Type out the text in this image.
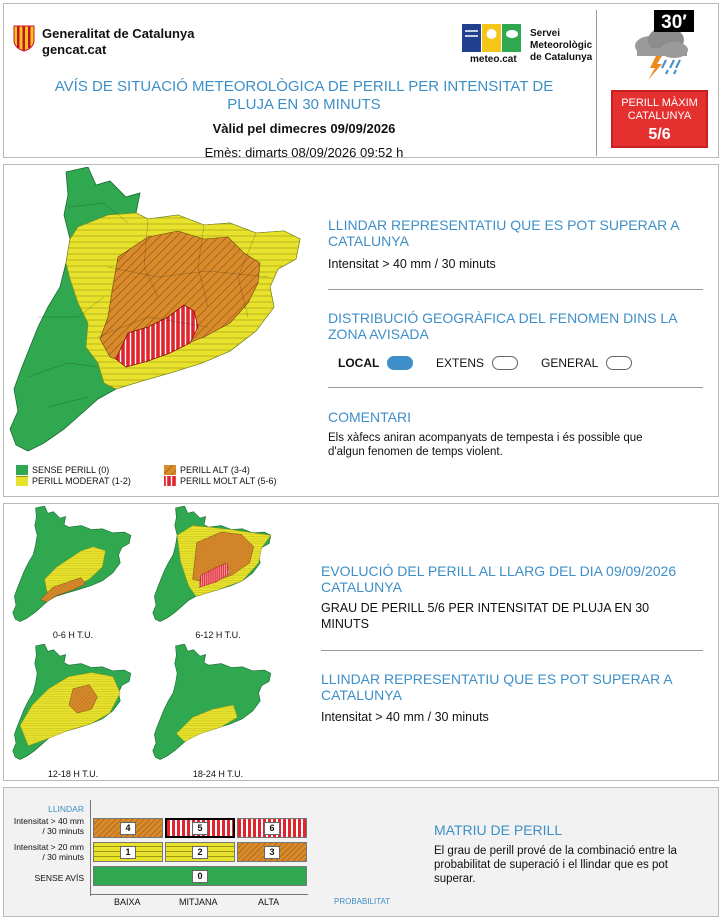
Generalitat de Catalunya
gencat.cat
meteo.cat
Servei
Meteorològic
de Catalunya
AVÍS DE SITUACIÓ METEOROLÒGICA DE PERILL PER INTENSITAT DE PLUJA EN 30 MINUTS
Vàlid pel dimecres 09/09/2026
Emès: dimarts 08/09/2026 09:52 h
30′
PERILL MÀXIM CATALUNYA
5/6
SENSE PERILL (0)
PERILL MODERAT (1-2)
PERILL ALT (3-4)
PERILL MOLT ALT (5-6)
LLINDAR REPRESENTATIU QUE ES POT SUPERAR A CATALUNYA
Intensitat > 40 mm / 30 minuts
DISTRIBUCIÓ GEOGRÀFICA DEL FENOMEN DINS LA ZONA AVISADA
LOCAL	EXTENS	GENERAL
COMENTARI
Els xàfecs aniran acompanyats de tempesta i és possible que d'algun fenomen de temps violent.
0-6 H T.U.	6-12 H T.U.
12-18 H T.U.	18-24 H T.U.
EVOLUCIÓ DEL PERILL AL LLARG DEL DIA 09/09/2026 CATALUNYA
GRAU DE PERILL 5/6 PER INTENSITAT DE PLUJA EN 30 MINUTS
LLINDAR REPRESENTATIU QUE ES POT SUPERAR A CATALUNYA
Intensitat > 40 mm / 30 minuts
LLINDAR
Intensitat > 40 mm / 30 minuts
Intensitat > 20 mm / 30 minuts
SENSE AVÍS
4	5	6
1	2	3
0
BAIXA	MITJANA	ALTA	PROBABILITAT
MATRIU DE PERILL
El grau de perill prové de la combinació entre la probabilitat de superació i el llindar que es pot superar.
